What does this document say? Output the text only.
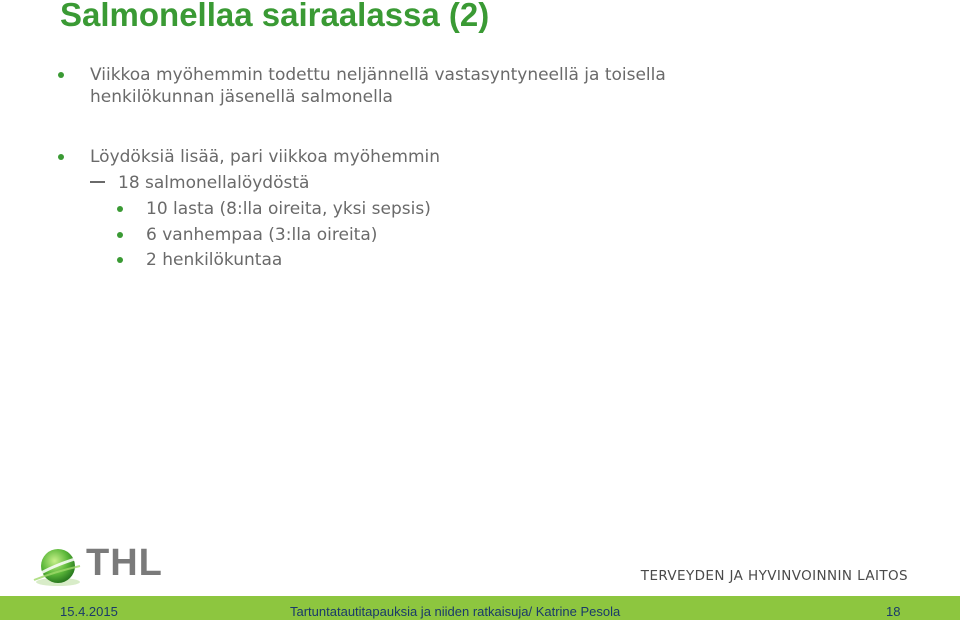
Salmonellaa sairaalassa (2)
Viikkoa myöhemmin todettu neljännellä vastasyntyneellä ja toisella
henkilökunnan jäsenellä salmonella
Löydöksiä lisää, pari viikkoa myöhemmin
18 salmonellalöydöstä
10 lasta (8:lla oireita, yksi sepsis)
6 vanhempaa (3:lla oireita)
2 henkilökuntaa
THL	TERVEYDEN JA HYVINVOINNIN LAITOS
15.4.2015	Tartuntatautitapauksia ja niiden ratkaisuja/ Katrine Pesola	18
